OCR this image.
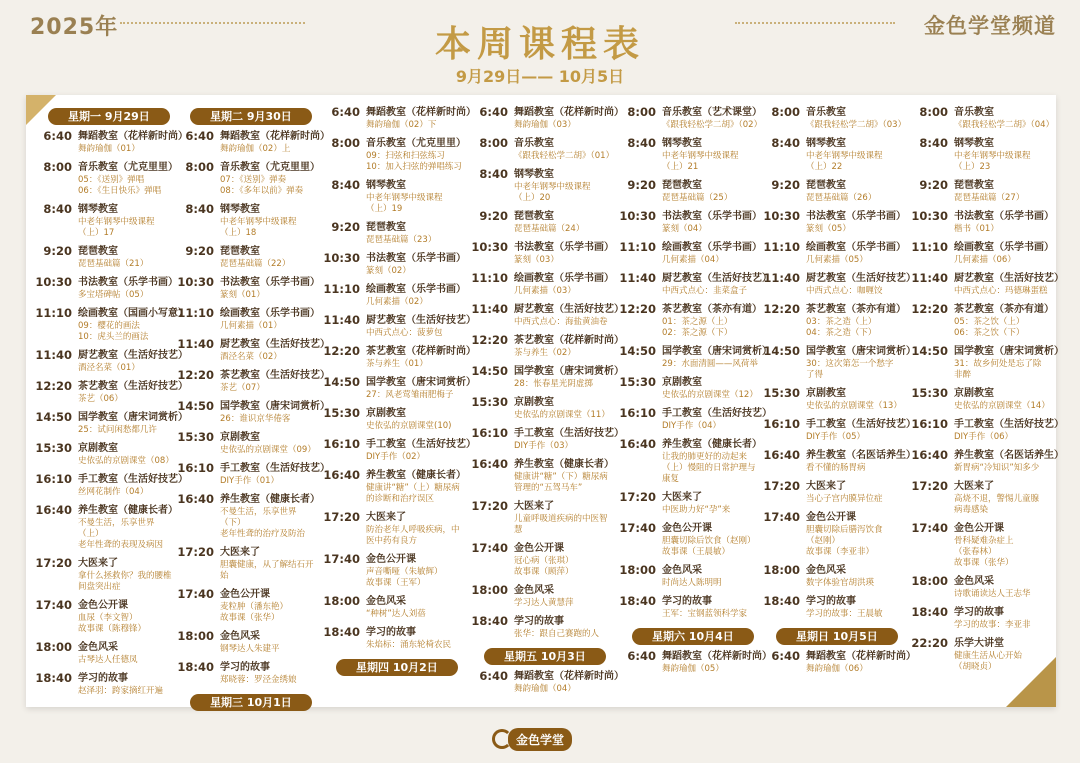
2025年	金色学堂频道
本周课程表
9月29日—— 10月5日
星期一 9月29日
6:40 舞蹈教室（花样新时尚）
舞韵瑜伽（01）
8:00 音乐教室（尤克里里）
05：《送别》弹唱
06：《生日快乐》弹唱
8:40 钢琴教室
中老年钢琴中级课程
（上）17
9:20 琵琶教室
琵琶基础篇（21）
10:30 书法教室（乐学书画）
多宝塔碑帖（05）
11:10 绘画教室（国画小写意）
09：樱花的画法
10：虎头兰的画法
11:40 厨艺教室（生活好技艺）
酒泾名菜（01）
12:20 茶艺教室（生活好技艺）
茶艺（06）
14:50 国学教室（唐宋词赏析）
25：试问闲愁都几许
15:30 京剧教室
史依弘的京剧课堂（08）
16:10 手工教室（生活好技艺）
丝网花制作（04）
16:40 养生教室（健康长者）
不曼生活，乐享世界（上）
老年性聋的表现及病因
17:20 大医来了
拿什么拯救你？我的腰椎
间盘突出症
17:40 金色公开课
血尿（李文智）
故事课（陈穆锋）
18:00 金色风采
古琴达人任德凤
18:40 学习的故事
赵泽羽：跨家摘红开遍
星期二 9月30日
6:40 舞蹈教室（花样新时尚）
舞韵瑜伽（02）上
8:00 音乐教室（尤克里里）
07：《送别》弹奏
08：《多年以前》弹奏
8:40 钢琴教室
中老年钢琴中级课程
（上）18
9:20 琵琶教室
琵琶基础篇（22）
10:30 书法教室（乐学书画）
篆刻（01）
11:10 绘画教室（乐学书画）
几何素描（01）
11:40 厨艺教室（生活好技艺）
酒泾名菜（02）
12:20 茶艺教室（生活好技艺）
茶艺（07）
14:50 国学教室（唐宋词赏析）
26：谁识京华倦客
15:30 京剧教室
史依弘的京剧课堂（09）
16:10 手工教室（生活好技艺）
DIY手作（01）
16:40 养生教室（健康长者）
不曼生活，乐享世界（下）
老年性聋的治疗及防治
17:20 大医来了
胆囊健康，从了解结石开始
17:40 金色公开课
麦粒肿（潘东艳）
故事课（张华）
18:00 金色风采
钢琴达人朱建平
18:40 学习的故事
郑晓蓉：罗泾金绣娘
星期三 10月1日
6:40 舞蹈教室（花样新时尚）
舞韵瑜伽（02）下
8:00 音乐教室（尤克里里）
09：扫弦和扫弦练习
10：加入扫弦的弹唱练习
8:40 钢琴教室
中老年钢琴中级课程
（上）19
9:20 琵琶教室
琵琶基础篇（23）
10:30 书法教室（乐学书画）
篆刻（02）
11:10 绘画教室（乐学书画）
几何素描（02）
11:40 厨艺教室（生活好技艺）
中西式点心：菠萝包
12:20 茶艺教室（花样新时尚）
茶与养生（01）
14:50 国学教室（唐宋词赏析）
27：风老莺雏雨肥梅子
15:30 京剧教室
史依弘的京剧课堂(10)
16:10 手工教室（生活好技艺）
DIY手作（02）
16:40 养生教室（健康长者）
健康讲“糖”（上）糖尿病
的诊断和治疗误区
17:20 大医来了
防治老年人呼吸疾病，中
医中药有良方
17:40 金色公开课
声音嘶哑（朱敏辉）
故事课（王军）
18:00 金色风采
“种树”达人刘蓓
18:40 学习的故事
朱焰标：涌东轮椅农民
星期四 10月2日
6:40 舞蹈教室（花样新时尚）
舞韵瑜伽（03）
8:00 音乐教室
《跟我轻松学二胡》（01）
8:40 钢琴教室
中老年钢琴中级课程
（上）20
9:20 琵琶教室
琵琶基础篇（24）
10:30 书法教室（乐学书画）
篆刻（03）
11:10 绘画教室（乐学书画）
几何素描（03）
11:40 厨艺教室（生活好技艺）
中西式点心：海盐黄油卷
12:20 茶艺教室（花样新时尚）
茶与养生（02）
14:50 国学教室（唐宋词赏析）
28：怅春星光阴虚掷
15:30 京剧教室
史依弘的京剧课堂（11）
16:10 手工教室（生活好技艺）
DIY手作（03）
16:40 养生教室（健康长者）
健康讲“糖”（下）糖尿病
管理的“五驾马车”
17:20 大医来了
儿童呼吸道疾病的中医智慧
17:40 金色公开课
冠心病（张琪）
故事课（顾萍）
18:00 金色风采
学习达人黄慧萍
18:40 学习的故事
张华：跟自己赛跑的人
星期五 10月3日
6:40 舞蹈教室（花样新时尚）
舞韵瑜伽（04）
8:00 音乐教室（艺术课堂）
《跟我轻松学二胡》（02）
8:40 钢琴教室
中老年钢琴中级课程
（上）21
9:20 琵琶教室
琵琶基础篇（25）
10:30 书法教室（乐学书画）
篆刻（04）
11:10 绘画教室（乐学书画）
几何素描（04）
11:40 厨艺教室（生活好技艺）
中西式点心：韭菜盒子
12:20 茶艺教室（茶亦有道）
01：茶之源（上）
02：茶之源（下）
14:50 国学教室（唐宋词赏析）
29：水面清圆——风荷举
15:30 京剧教室
史依弘的京剧课堂（12）
16:10 手工教室（生活好技艺）
DIY手作（04）
16:40 养生教室（健康长者）
让我的肺更好的动起来
（上）慢阻的日常护理与
康复
17:20 大医来了
中医助力好“孕”来
17:40 金色公开课
胆囊切除后饮食（赵刚）
故事课（王晨敏）
18:00 金色风采
时尚达人陈明明
18:40 学习的故事
王军：宝钢蓝领科学家
星期六 10月4日
6:40 舞蹈教室（花样新时尚）
舞韵瑜伽（05）
8:00 音乐教室
《跟我轻松学二胡》（03）
8:40 钢琴教室
中老年钢琴中级课程
（上）22
9:20 琵琶教室
琵琶基础篇（26）
10:30 书法教室（乐学书画）
篆刻（05）
11:10 绘画教室（乐学书画）
几何素描（05）
11:40 厨艺教室（生活好技艺）
中西式点心：咖喱饺
12:20 茶艺教室（茶亦有道）
03：茶之造（上）
04：茶之造（下）
14:50 国学教室（唐宋词赏析）
30：这次第怎一个愁字
了得
15:30 京剧教室
史依弘的京剧课堂（13）
16:10 手工教室（生活好技艺）
DIY手作（05）
16:40 养生教室（名医话养生）
看不懂的肠胃病
17:20 大医来了
当心子宫内膜异位症
17:40 金色公开课
胆囊切除后膳泻饮食
（赵刚）
故事课（李亚非）
18:00 金色风采
数字体验官胡洪瑛
18:40 学习的故事
学习的故事：王晨敏
星期日 10月5日
6:40 舞蹈教室（花样新时尚）
舞韵瑜伽（06）
8:00 音乐教室
《跟我轻松学二胡》（04）
8:40 钢琴教室
中老年钢琴中级课程
（上）23
9:20 琵琶教室
琵琶基础篇（27）
10:30 书法教室（乐学书画）
楷书（01）
11:10 绘画教室（乐学书画）
几何素描（06）
11:40 厨艺教室（生活好技艺）
中西式点心：玛德琳蛋糕
12:20 茶艺教室（茶亦有道）
05：茶之饮（上）
06：茶之饮（下）
14:50 国学教室（唐宋词赏析）
31：故乡何处是忘了除
非醉
15:30 京剧教室
史依弘的京剧课堂（14）
16:10 手工教室（生活好技艺）
DIY手作（06）
16:40 养生教室（名医话养生）
新胃病“冷知识”知多少
17:20 大医来了
高烧不退，警惕儿童腺
病毒感染
17:40 金色公开课
骨科疑难杂症上
（张春林）
故事课（张华）
18:00 金色风采
诗歌诵读达人王志华
18:40 学习的故事
学习的故事：李亚非
22:20 乐学大讲堂
健康生活从心开始
（胡晓贞）
金色学堂
